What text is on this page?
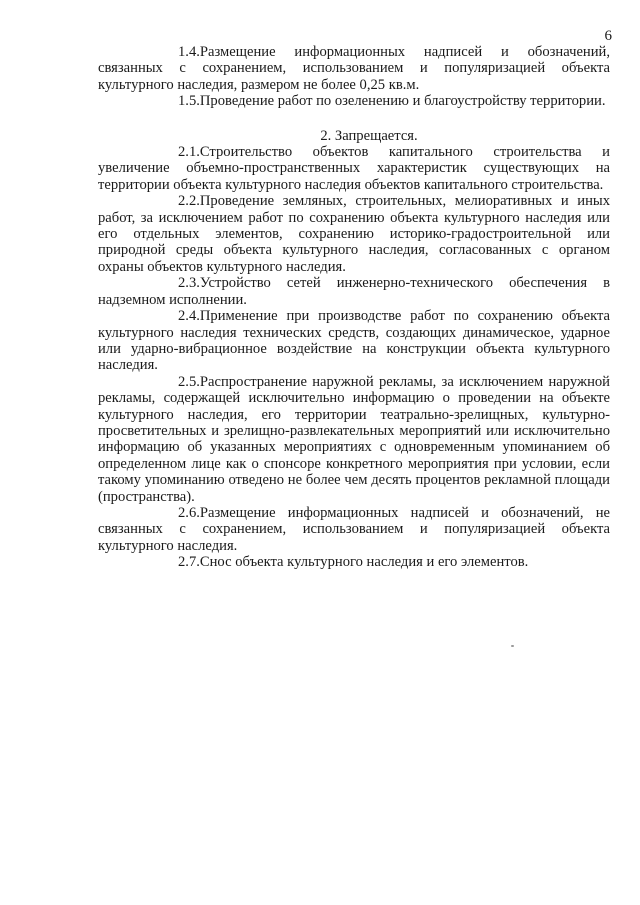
6

1.4.Размещение информационных надписей и обозначений, связанных с сохранением, использованием и популяризацией объекта культурного наследия, размером не более 0,25 кв.м.

1.5.Проведение работ по озеленению и благоустройству территории.

2. Запрещается.

2.1.Строительство объектов капитального строительства и увеличение объемно-пространственных характеристик существующих на территории объекта культурного наследия объектов капитального строительства.

2.2.Проведение земляных, строительных, мелиоративных и иных работ, за исключением работ по сохранению объекта культурного наследия или его отдельных элементов, сохранению историко-градостроительной или природной среды объекта культурного наследия, согласованных с органом охраны объектов культурного наследия.

2.3.Устройство сетей инженерно-технического обеспечения в надземном исполнении.

2.4.Применение при производстве работ по сохранению объекта культурного наследия технических средств, создающих динамическое, ударное или ударно-вибрационное воздействие на конструкции объекта культурного наследия.

2.5.Распространение наружной рекламы, за исключением наружной рекламы, содержащей исключительно информацию о проведении на объекте культурного наследия, его территории театрально-зрелищных, культурно-просветительных и зрелищно-развлекательных мероприятий или исключительно информацию об указанных мероприятиях с одновременным упоминанием об определенном лице как о спонсоре конкретного мероприятия при условии, если такому упоминанию отведено не более чем десять процентов рекламной площади (пространства).

2.6.Размещение информационных надписей и обозначений, не связанных с сохранением, использованием и популяризацией объекта культурного наследия.

2.7.Снос объекта культурного наследия и его элементов.
